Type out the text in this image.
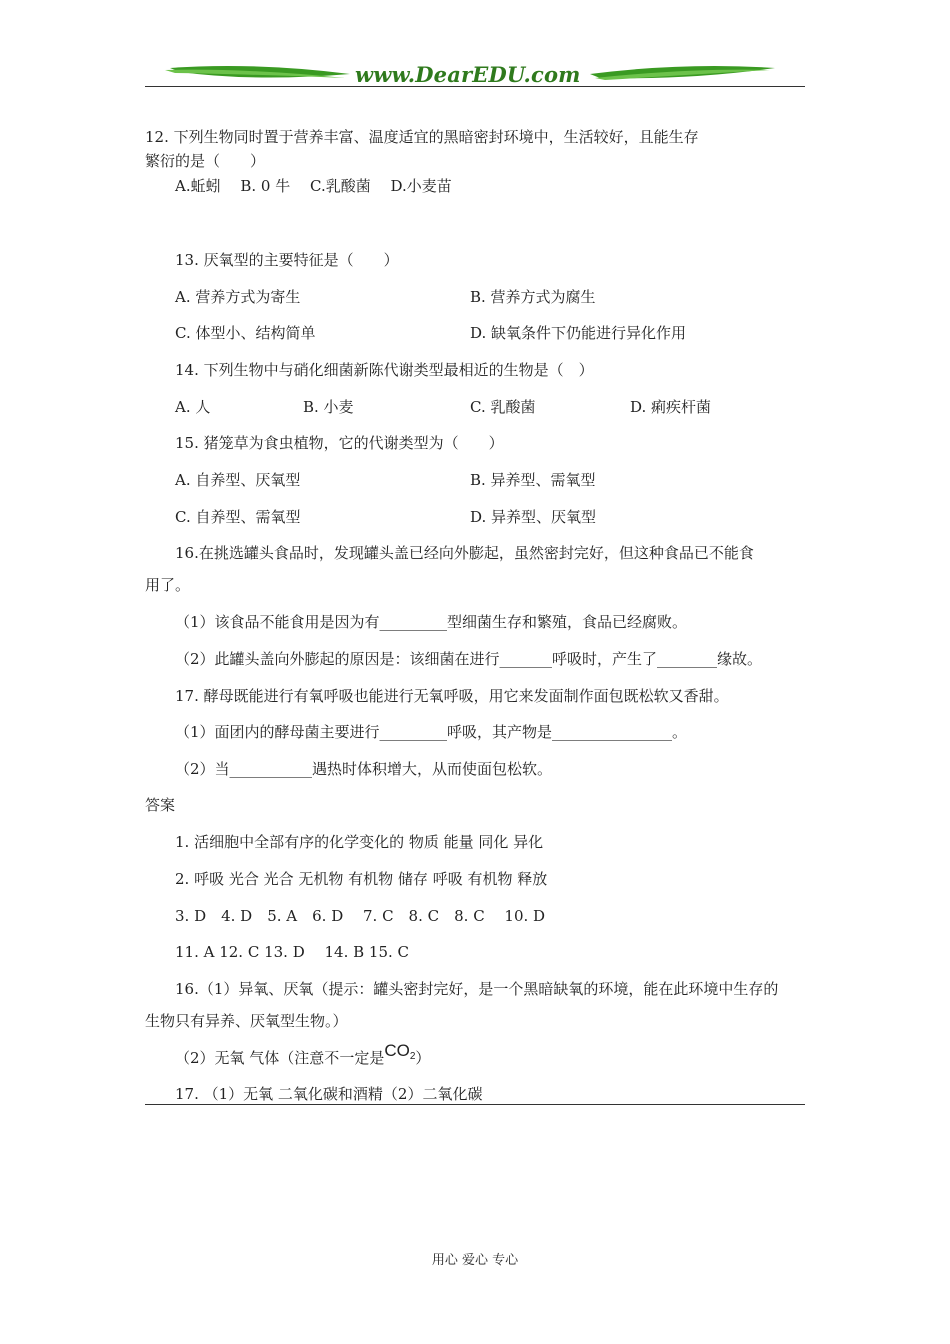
www.DearEDU.com
12. 下列生物同时置于营养丰富、温度适宜的黑暗密封环境中，生活较好，且能生存
繁衍的是（　　）
A.蚯蚓　 B. 0 牛　 C.乳酸菌　 D.小麦苗
13. 厌氧型的主要特征是（　　）
A. 营养方式为寄生	B. 营养方式为腐生
C. 体型小、结构简单	D. 缺氧条件下仍能进行异化作用
14. 下列生物中与硝化细菌新陈代谢类型最相近的生物是（　）
A. 人	B. 小麦	C. 乳酸菌	D. 痢疾杆菌
15. 猪笼草为食虫植物，它的代谢类型为（　　）
A. 自养型、厌氧型	B. 异养型、需氧型
C. 自养型、需氧型	D. 异养型、厌氧型
16.在挑选罐头食品时，发现罐头盖已经向外膨起，虽然密封完好，但这种食品已不能食
用了。
（1）该食品不能食用是因为有_________型细菌生存和繁殖，食品已经腐败。
（2）此罐头盖向外膨起的原因是：该细菌在进行_______呼吸时，产生了________缘故。
17. 酵母既能进行有氧呼吸也能进行无氧呼吸，用它来发面制作面包既松软又香甜。
（1）面团内的酵母菌主要进行_________呼吸，其产物是________________。
（2）当___________遇热时体积增大，从而使面包松软。
答案
1. 活细胞中全部有序的化学变化的 物质 能量 同化 异化
2. 呼吸 光合 光合 无机物 有机物 储存 呼吸 有机物 释放
3. D　4. D　5. A　6. D　 7. C　8. C　8. C　 10. D
11. A 12. C 13. D　 14. B 15. C
16.（1）异氧、厌氧（提示：罐头密封完好，是一个黑暗缺氧的环境，能在此环境中生存的
生物只有异养、厌氧型生物。）
（2）无氧 气体（注意不一定是$CO_2$）
17. （1）无氧 二氧化碳和酒精（2）二氧化碳
用心 爱心 专心
